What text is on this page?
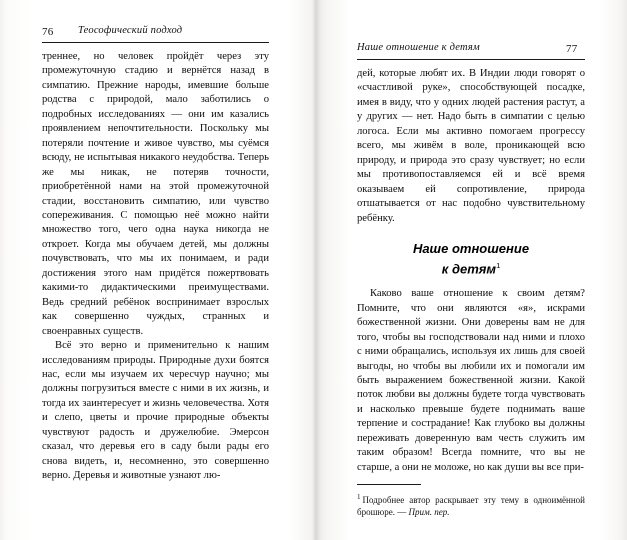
76 Теософический подход

треннее, но человек пройдёт через эту промежуточную стадию и вернётся назад в симпатию. Прежние народы, имевшие больше родства с природой, мало заботились о подробных исследованиях — они им казались проявлением непочтительности. Поскольку мы потеряли почтение и живое чувство, мы суёмся всюду, не испытывая никакого неудобства. Теперь же мы никак, не потеряв точности, приобретённой нами на этой промежуточной стадии, восстановить симпатию, или чувство сопереживания. С помощью неё можно найти множество того, чего одна наука никогда не откроет. Когда мы обучаем детей, мы должны почувствовать, что мы их понимаем, и ради достижения этого нам придётся пожертвовать какими-то дидактическими преимуществами. Ведь средний ребёнок воспринимает взрослых как совершенно чуждых, странных и своенравных существ.

Всё это верно и применительно к нашим исследованиям природы. Природные духи боятся нас, если мы изучаем их чересчур научно; мы должны погрузиться вместе с ними в их жизнь, и тогда их заинтересует и жизнь человечества. Хотя и слепо, цветы и прочие природные объекты чувствуют радость и дружелюбие. Эмерсон сказал, что деревья его в саду были рады его снова видеть, и, несомненно, это совершенно верно. Деревья и животные узнают лю-

Наше отношение к детям	77

дей, которые любят их. В Индии люди говорят о «счастливой руке», способствующей посадке, имея в виду, что у одних людей растения растут, а у других — нет. Надо быть в симпатии с целью логоса. Если мы активно помогаем прогрессу всего, мы живём в воле, проникающей всю природу, и природа это сразу чувствует; но если мы противопоставляемся ей и всё время оказываем ей сопротивление, природа отшатывается от нас подобно чувствительному ребёнку.

Наше отношение
к детям$^1$

Каково ваше отношение к своим детям? Помните, что они являются «я», искрами божественной жизни. Они доверены вам не для того, чтобы вы господствовали над ними и плохо с ними обращались, используя их лишь для своей выгоды, но чтобы вы любили их и помогали им быть выражением божественной жизни. Какой поток любви вы должны будете тогда чувствовать и насколько превыше будете поднимать ваше терпение и сострадание! Как глубоко вы должны переживать доверенную вам честь служить им таким образом! Всегда помните, что вы не старше, а они не моложе, но как души вы все при-

$^1$ Подробнее автор раскрывает эту тему в одноимённой брошюре. — Прим. пер.
